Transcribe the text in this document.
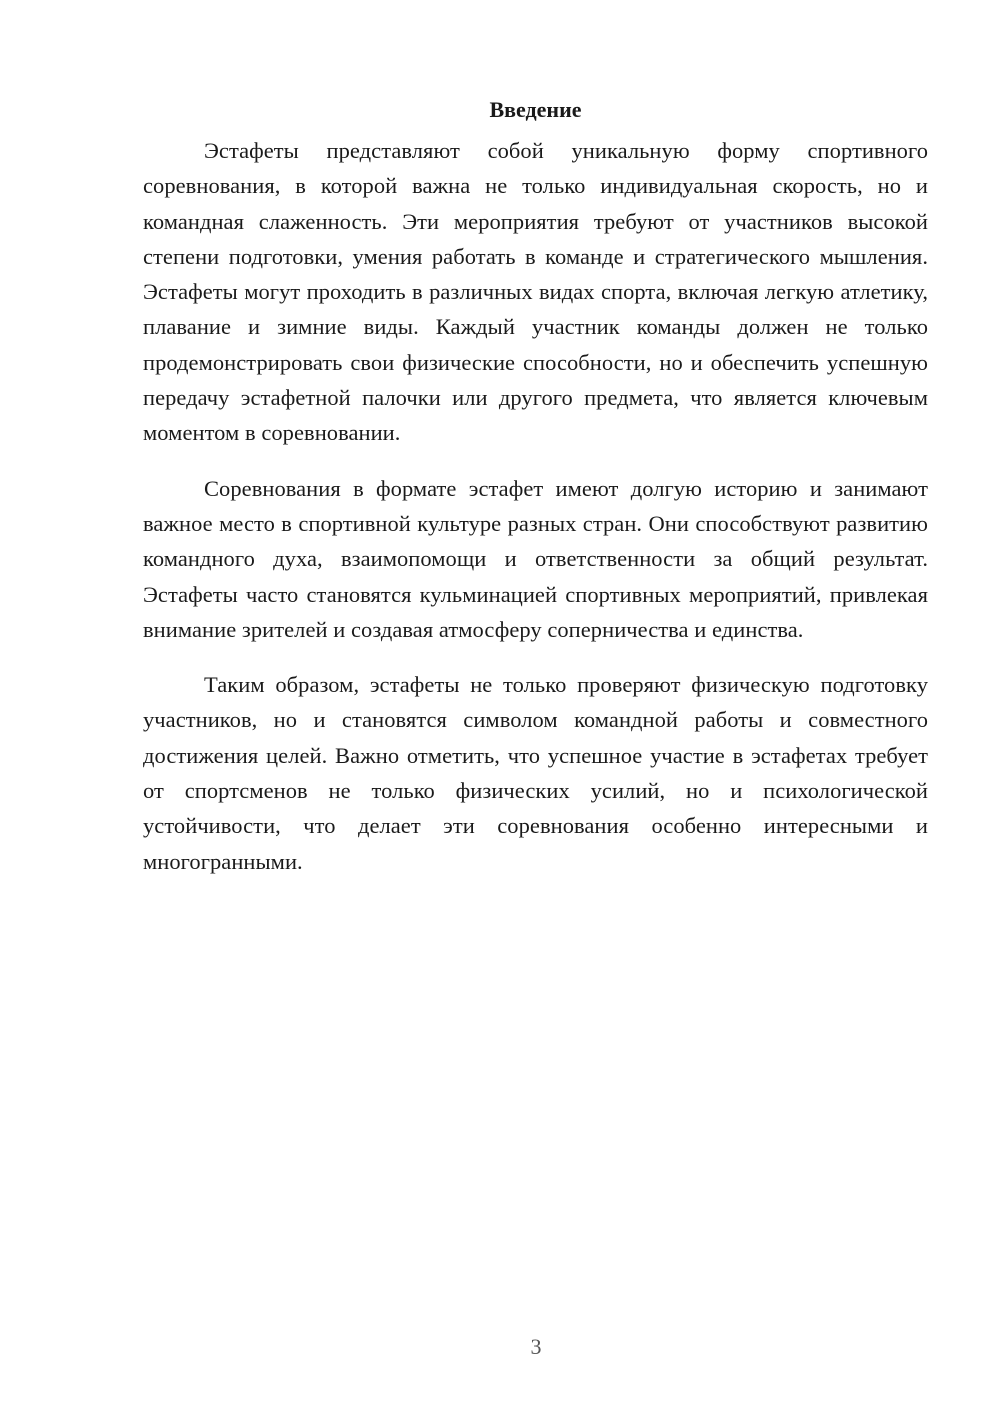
Введение

Эстафеты представляют собой уникальную форму спортивного соревнования, в которой важна не только индивидуальная скорость, но и командная слаженность. Эти мероприятия требуют от участников высокой степени подготовки, умения работать в команде и стратегического мышления. Эстафеты могут проходить в различных видах спорта, включая легкую атлетику, плавание и зимние виды. Каждый участник команды должен не только продемонстрировать свои физические способности, но и обеспечить успешную передачу эстафетной палочки или другого предмета, что является ключевым моментом в соревновании.

Соревнования в формате эстафет имеют долгую историю и занимают важное место в спортивной культуре разных стран. Они способствуют развитию командного духа, взаимопомощи и ответственности за общий результат. Эстафеты часто становятся кульминацией спортивных мероприятий, привлекая внимание зрителей и создавая атмосферу соперничества и единства.

Таким образом, эстафеты не только проверяют физическую подготовку участников, но и становятся символом командной работы и совместного достижения целей. Важно отметить, что успешное участие в эстафетах требует от спортсменов не только физических усилий, но и психологической устойчивости, что делает эти соревнования особенно интересными и многогранными.

3
